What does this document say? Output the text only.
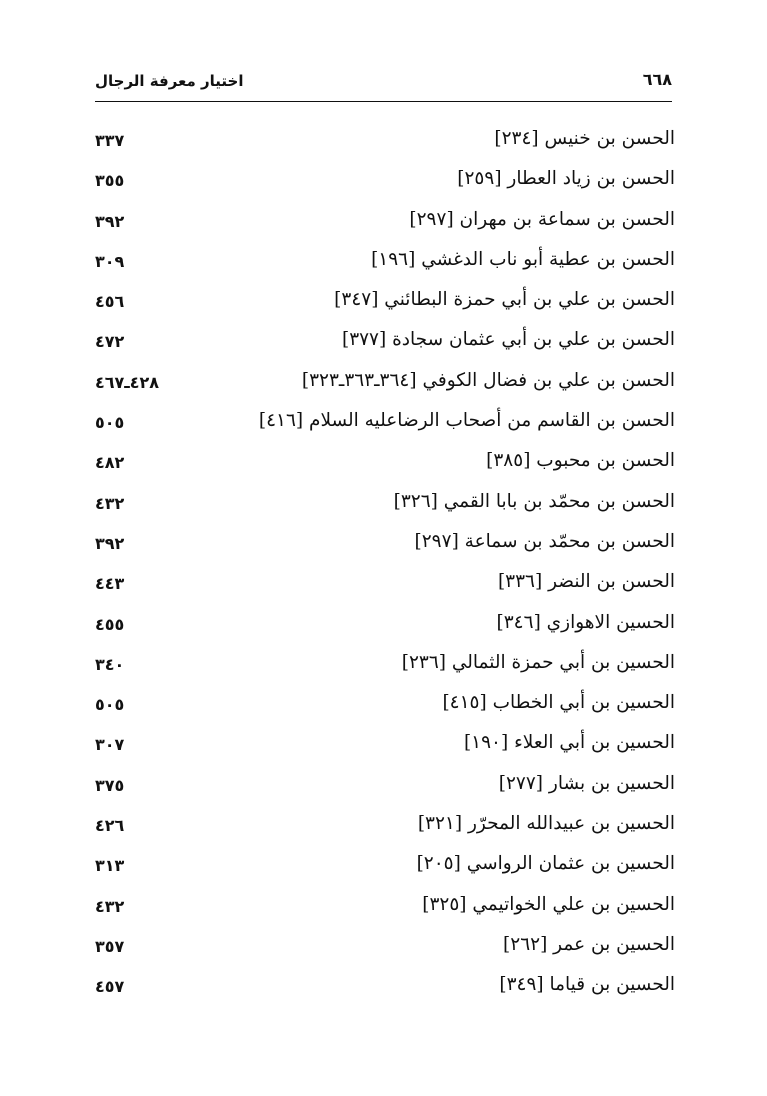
اختيار معرفة الرجال	٦٦٨
الحسن بن خنيس [٢٣٤]
٣٣٧
الحسن بن زياد العطار [٢٥٩]
٣٥٥
الحسن بن سماعة بن مهران [٢٩٧]
٣٩٢
الحسن بن عطية أبو ناب الدغشي [١٩٦]
٣٠٩
الحسن بن علي بن أبي حمزة البطائني [٣٤٧]
٤٥٦
الحسن بن علي بن أبي عثمان سجادة [٣٧٧]
٤٧٢
الحسن بن علي بن فضال الكوفي [٣٦٤ـ٣٦٣ـ٣٢٣]
٤٢٨ـ٤٦٧
الحسن بن القاسم من أصحاب الرضاعليه السلام [٤١٦]
٥٠٥
الحسن بن محبوب [٣٨٥]
٤٨٢
الحسن بن محمّد بن بابا القمي [٣٢٦]
٤٣٢
الحسن بن محمّد بن سماعة [٢٩٧]
٣٩٢
الحسن بن النضر [٣٣٦]
٤٤٣
الحسين الاهوازي [٣٤٦]
٤٥٥
الحسين بن أبي حمزة الثمالي [٢٣٦]
٣٤٠
الحسين بن أبي الخطاب [٤١٥]
٥٠٥
الحسين بن أبي العلاء [١٩٠]
٣٠٧
الحسين بن بشار [٢٧٧]
٣٧٥
الحسين بن عبيدالله المحرّر [٣٢١]
٤٢٦
الحسين بن عثمان الرواسي [٢٠٥]
٣١٣
الحسين بن علي الخواتيمي [٣٢٥]
٤٣٢
الحسين بن عمر [٢٦٢]
٣٥٧
الحسين بن قياما [٣٤٩]
٤٥٧
